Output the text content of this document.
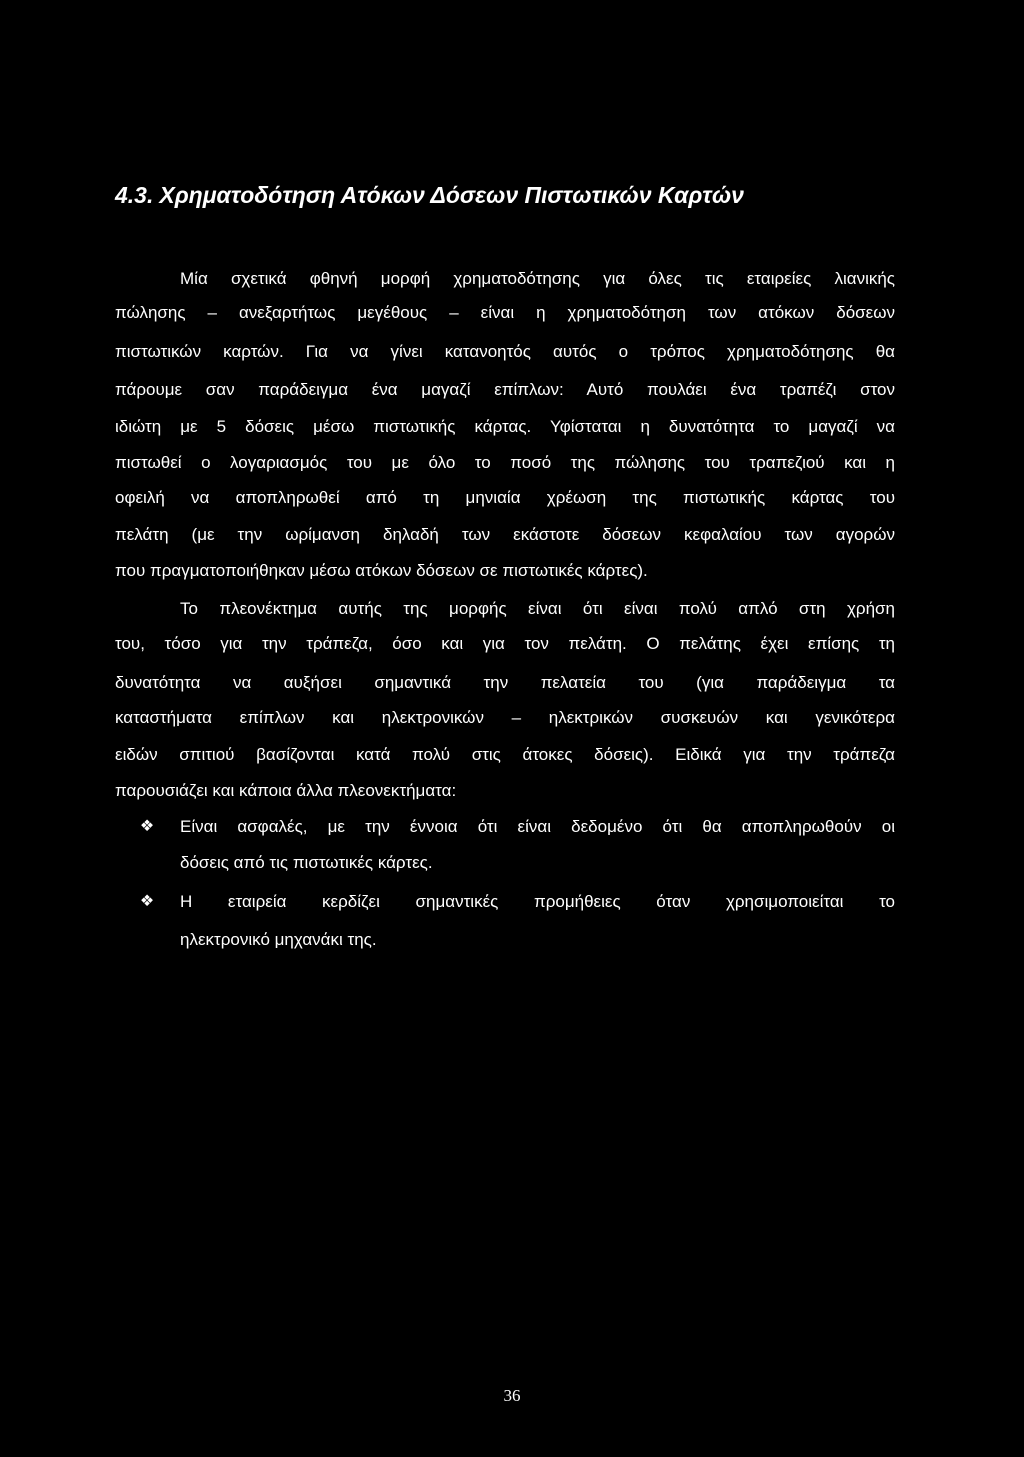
4.3. Χρηματοδότηση Ατόκων Δόσεων Πιστωτικών Καρτών
Μία σχετικά φθηνή μορφή χρηματοδότησης για όλες τις εταιρείες λιανικής
πώλησης – ανεξαρτήτως μεγέθους – είναι η χρηματοδότηση των ατόκων δόσεων
πιστωτικών καρτών. Για να γίνει κατανοητός αυτός ο τρόπος χρηματοδότησης θα
πάρουμε σαν παράδειγμα ένα μαγαζί επίπλων: Αυτό πουλάει ένα τραπέζι στον
ιδιώτη με 5 δόσεις μέσω πιστωτικής κάρτας. Υφίσταται η δυνατότητα το μαγαζί να
πιστωθεί ο λογαριασμός του με όλο το ποσό της πώλησης του τραπεζιού και η
οφειλή να αποπληρωθεί από τη μηνιαία χρέωση της πιστωτικής κάρτας του
πελάτη (με την ωρίμανση δηλαδή των εκάστοτε δόσεων κεφαλαίου των αγορών
που πραγματοποιήθηκαν μέσω ατόκων δόσεων σε πιστωτικές κάρτες).
Το πλεονέκτημα αυτής της μορφής είναι ότι είναι πολύ απλό στη χρήση
του, τόσο για την τράπεζα, όσο και για τον πελάτη. Ο πελάτης έχει επίσης τη
δυνατότητα να αυξήσει σημαντικά την πελατεία του (για παράδειγμα τα
καταστήματα επίπλων και ηλεκτρονικών – ηλεκτρικών συσκευών και γενικότερα
ειδών σπιτιού βασίζονται κατά πολύ στις άτοκες δόσεις). Ειδικά για την τράπεζα
παρουσιάζει και κάποια άλλα πλεονεκτήματα:
❖ Είναι ασφαλές, με την έννοια ότι είναι δεδομένο ότι θα αποπληρωθούν οι
δόσεις από τις πιστωτικές κάρτες.
❖ Η εταιρεία κερδίζει σημαντικές προμήθειες όταν χρησιμοποιείται το
ηλεκτρονικό μηχανάκι της.
36
